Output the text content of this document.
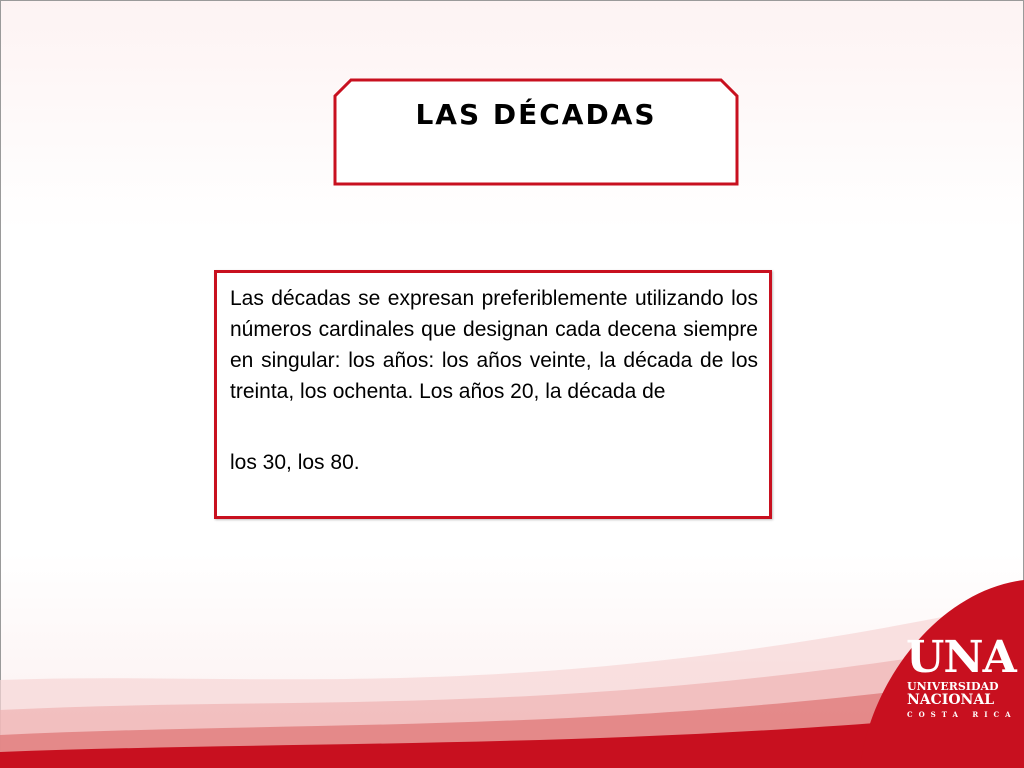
LAS DÉCADAS
Las décadas se expresan preferiblemente utilizando los números cardinales que designan cada decena siempre en singular: los años: los años veinte, la década de los treinta, los ochenta. Los años 20, la década de
los 30, los 80.
UNA
UNIVERSIDAD
NACIONAL
COSTA RICA
